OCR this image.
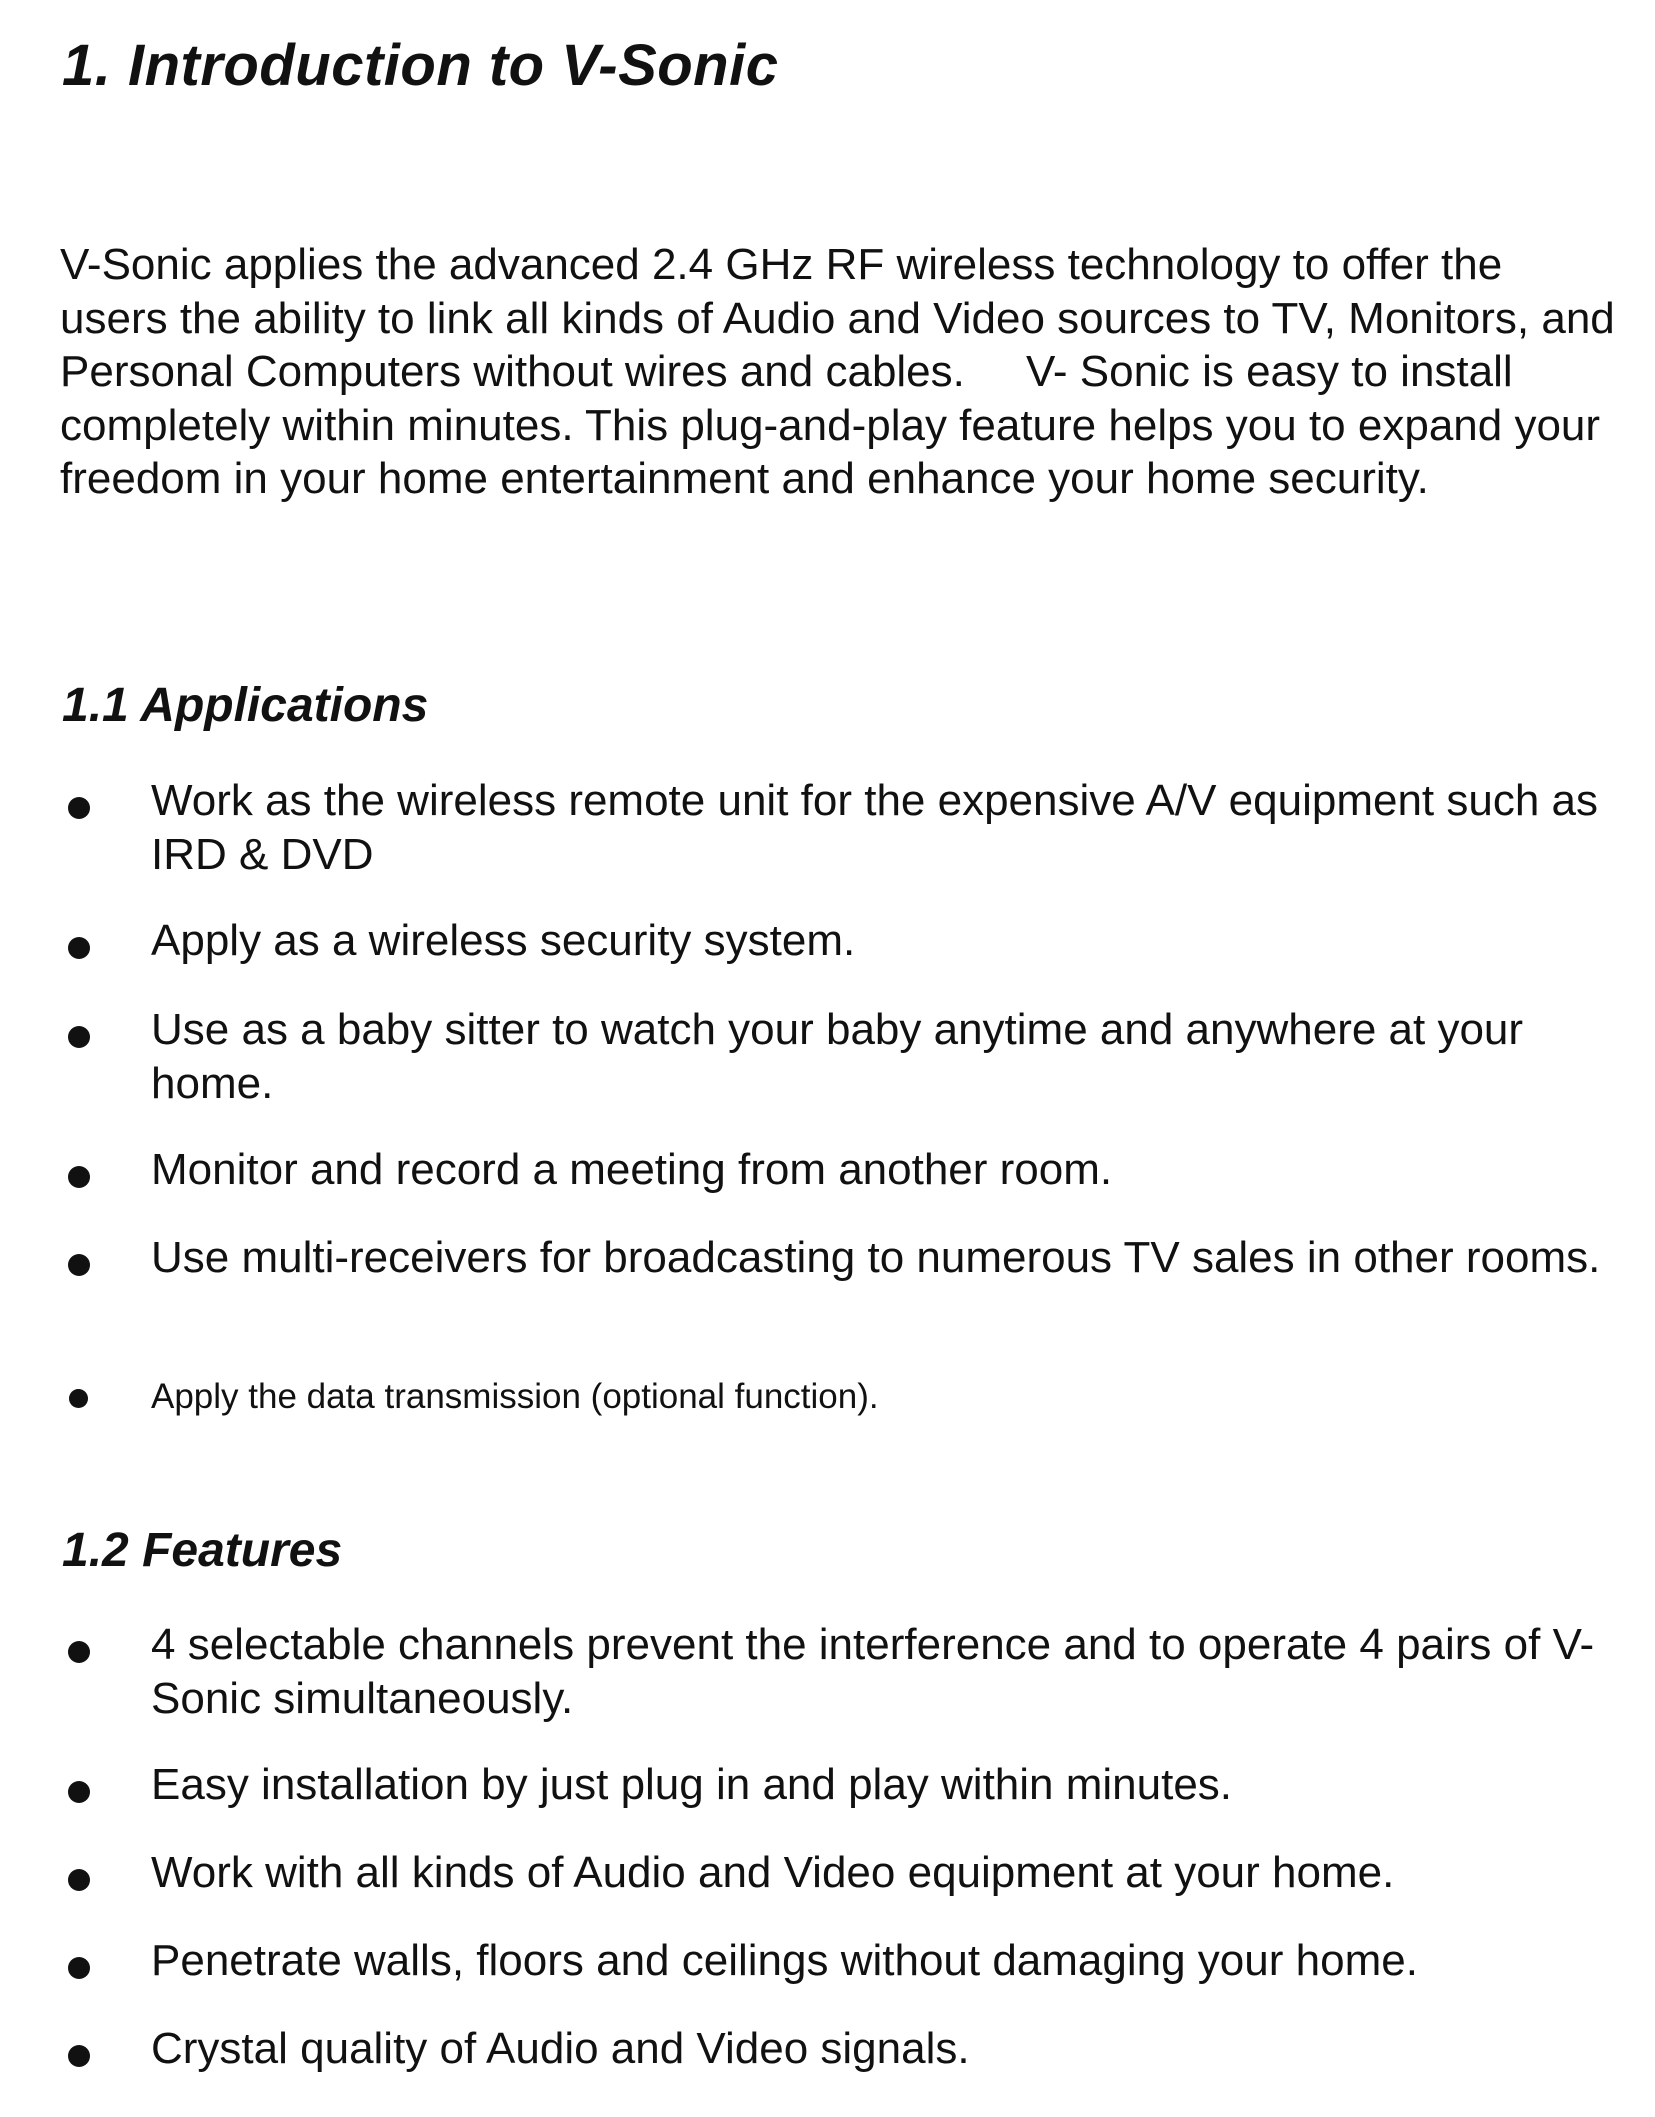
1. Introduction to V-Sonic

V-Sonic applies the advanced 2.4 GHz RF wireless technology to offer the users the ability to link all kinds of Audio and Video sources to TV, Monitors, and Personal Computers without wires and cables.     V- Sonic is easy to install completely within minutes. This plug-and-play feature helps you to expand your freedom in your home entertainment and enhance your home security.

1.1 Applications
Work as the wireless remote unit for the expensive A/V equipment such as IRD & DVD
Apply as a wireless security system.
Use as a baby sitter to watch your baby anytime and anywhere at your home.
Monitor and record a meeting from another room.
Use multi-receivers for broadcasting to numerous TV sales in other rooms.
Apply the data transmission (optional function).
1.2 Features
4 selectable channels prevent the interference and to operate 4 pairs of V-Sonic simultaneously.
Easy installation by just plug in and play within minutes.
Work with all kinds of Audio and Video equipment at your home.
Penetrate walls, floors and ceilings without damaging your home.
Crystal quality of Audio and Video signals.
